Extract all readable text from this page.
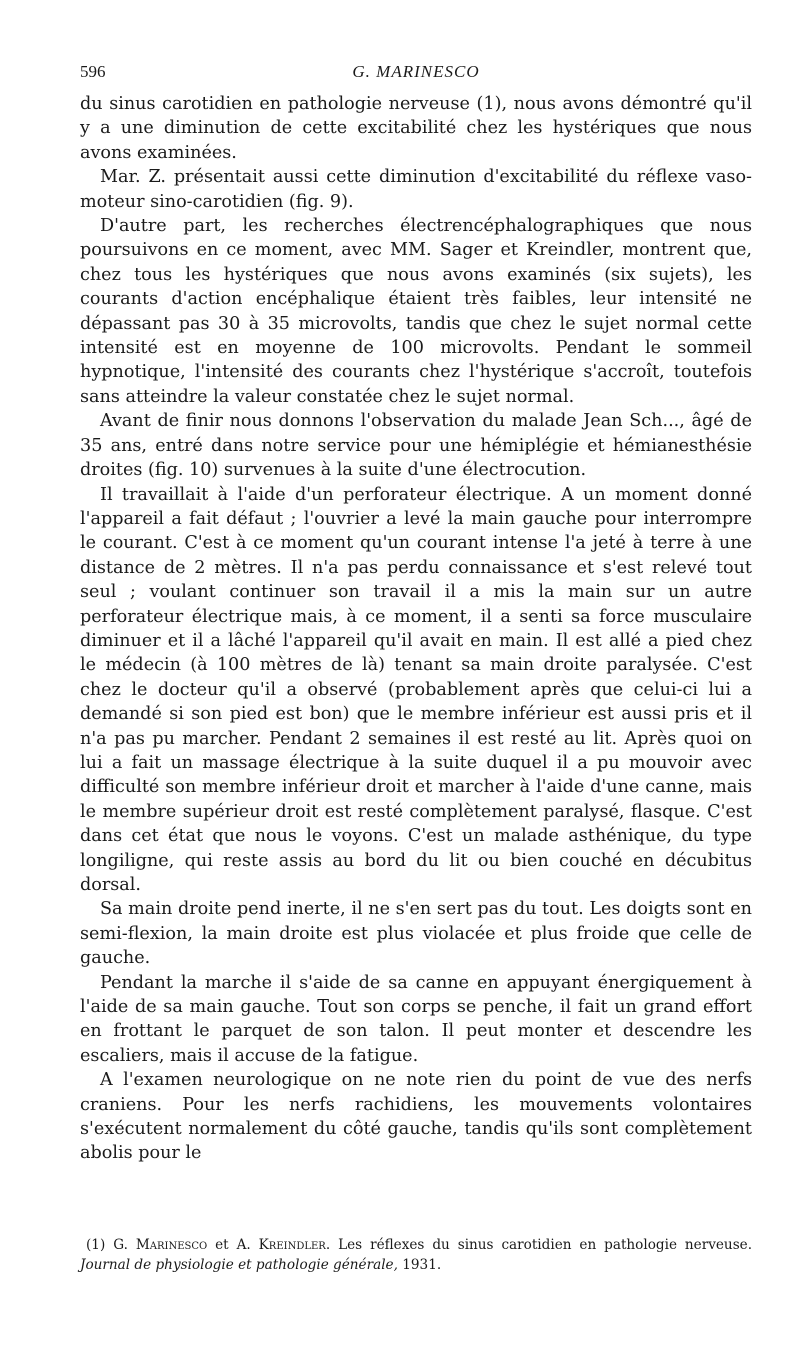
596	G. MARINESCO

du sinus carotidien en pathologie nerveuse (1), nous avons démontré qu'il y a une diminution de cette excitabilité chez les hystériques que nous avons examinées.

Mar. Z. présentait aussi cette diminution d'excitabilité du réflexe vaso-moteur sino-carotidien (fig. 9).

D'autre part, les recherches électrencéphalographiques que nous poursuivons en ce moment, avec MM. Sager et Kreindler, montrent que, chez tous les hystériques que nous avons examinés (six sujets), les courants d'action encéphalique étaient très faibles, leur intensité ne dépassant pas 30 à 35 microvolts, tandis que chez le sujet normal cette intensité est en moyenne de 100 microvolts. Pendant le sommeil hypnotique, l'intensité des courants chez l'hystérique s'accroît, toutefois sans atteindre la valeur constatée chez le sujet normal.

Avant de finir nous donnons l'observation du malade Jean Sch..., âgé de 35 ans, entré dans notre service pour une hémiplégie et hémianesthésie droites (fig. 10) survenues à la suite d'une électrocution.

Il travaillait à l'aide d'un perforateur électrique. A un moment donné l'appareil a fait défaut ; l'ouvrier a levé la main gauche pour interrompre le courant. C'est à ce moment qu'un courant intense l'a jeté à terre à une distance de 2 mètres. Il n'a pas perdu connaissance et s'est relevé tout seul ; voulant continuer son travail il a mis la main sur un autre perforateur électrique mais, à ce moment, il a senti sa force musculaire diminuer et il a lâché l'appareil qu'il avait en main. Il est allé a pied chez le médecin (à 100 mètres de là) tenant sa main droite paralysée. C'est chez le docteur qu'il a observé (probablement après que celui-ci lui a demandé si son pied est bon) que le membre inférieur est aussi pris et il n'a pas pu marcher. Pendant 2 semaines il est resté au lit. Après quoi on lui a fait un massage électrique à la suite duquel il a pu mouvoir avec difficulté son membre inférieur droit et marcher à l'aide d'une canne, mais le membre supérieur droit est resté complètement paralysé, flasque. C'est dans cet état que nous le voyons. C'est un malade asthénique, du type longiligne, qui reste assis au bord du lit ou bien couché en décubitus dorsal.

Sa main droite pend inerte, il ne s'en sert pas du tout. Les doigts sont en semi-flexion, la main droite est plus violacée et plus froide que celle de gauche.

Pendant la marche il s'aide de sa canne en appuyant énergiquement à l'aide de sa main gauche. Tout son corps se penche, il fait un grand effort en frottant le parquet de son talon. Il peut monter et descendre les escaliers, mais il accuse de la fatigue.

A l'examen neurologique on ne note rien du point de vue des nerfs craniens. Pour les nerfs rachidiens, les mouvements volontaires s'exécutent normalement du côté gauche, tandis qu'ils sont complètement abolis pour le

(1) G. Marinesco et A. Kreindler. Les réflexes du sinus carotidien en pathologie nerveuse. Journal de physiologie et pathologie générale, 1931.
